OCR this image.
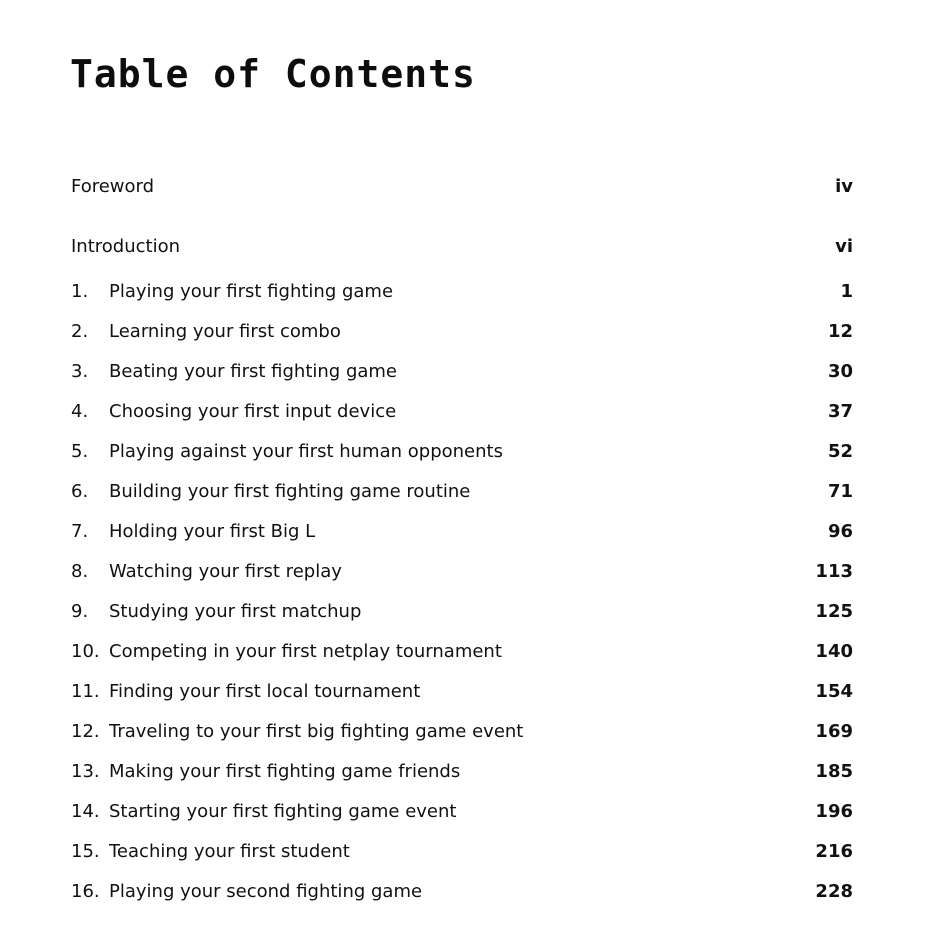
Table of Contents
Foreword	iv
Introduction	vi
1.	Playing your first fighting game	1
2.	Learning your first combo	12
3.	Beating your first fighting game	30
4.	Choosing your first input device	37
5.	Playing against your first human opponents	52
6.	Building your first fighting game routine	71
7.	Holding your first Big L	96
8.	Watching your first replay	113
9.	Studying your first matchup	125
10. Competing in your first netplay tournament	140
11. Finding your first local tournament	154
12. Traveling to your first big fighting game event	169
13. Making your first fighting game friends	185
14. Starting your first fighting game event	196
15. Teaching your first student	216
16. Playing your second fighting game	228
